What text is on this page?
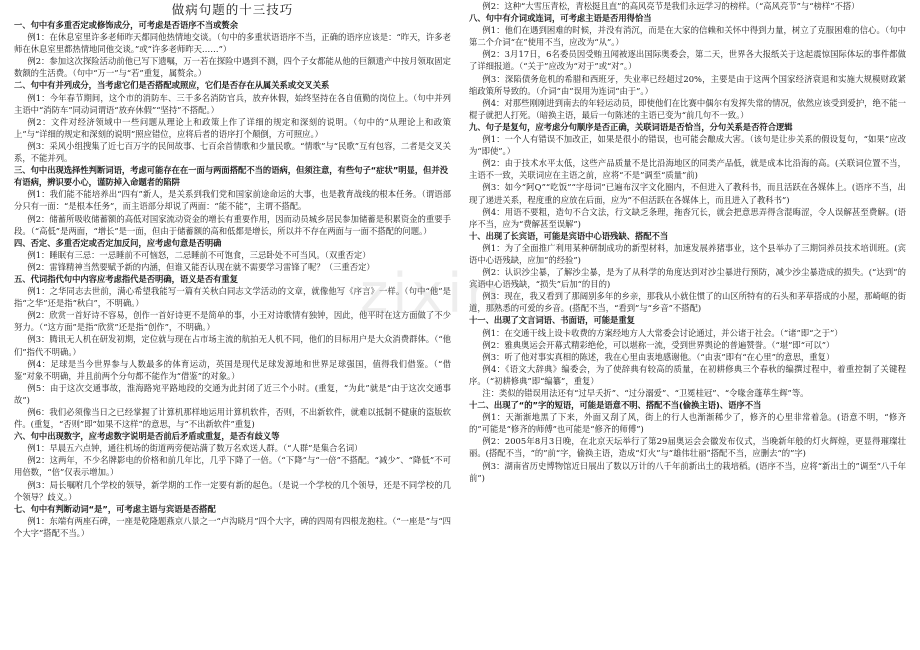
做病句题的十三技巧

一、句中有多重否定或修饰成分，可考虑是否语序不当或赘余

例1：在休息室里许多老师昨天都同他热情地交谈。（句中的多重状语语序不当，正确的语序应该是：“昨天，许多老师在休息室里都热情地同他交谈。”或“许多老师昨天……”）

例2：参加这次探险活动前他已写下遗嘱，万一若在探险中遇到不测，四个子女都能从他的巨额遗产中按月领取固定数额的生活费。（句中“万一”与“若”重复，属赘余。）

二、句中有并列成分，当考虑它们是否搭配或照应，它们是否存在从属关系或交叉关系

例1：今年春节期间，这个市的消防车、三千多名消防官兵，放弃休假，始终坚持在各自值勤的岗位上。（句中并列主语中“消防车”同动词谓语“放弃休假”“坚持”不搭配。）

例2：文件对经济领域中一些问题从理论上和政策上作了详细的规定和深刻的说明。（句中的“从理论上和政策上”与“详细的规定和深刻的说明”照应错位，应将后者的语序打个颠倒，方可照应。）

例3：采风小组搜集了近七百万字的民间故事、七百余首情歌和少量民歌。“情歌”与“民歌”互有包容，二者是交叉关系，不能并列。

三、句中出现选择性判断词语，考虑可能存在在一面与两面搭配不当的语病，但须注意，有些句子“症状”明显，但并没有语病，辨识要小心，谨防掉入命题者的陷阱

例1：我们能不能培养出“四有”新人，是关系到我们党和国家前途命运的大事，也是教育战线的根本任务。（谓语部分只有一面：“是根本任务”，而主语部分却说了两面：“能不能”，主谓不搭配。

例2：储蓄所吸收储蓄额的高低对国家流动资金的增长有重要作用，因而动员城乡居民参加储蓄是积累资金的重要手段。（“高低”是两面，“增长”是一面，但由于储蓄额的高和低都是增长，所以并不存在两面与一面不搭配的问题。）

四、否定、多重否定或否定加反问，应考虑句意是否明确

例1：睡眠有三忌：一忌睡前不可恼怒，二忌睡前不可饱食，三忌卧处不可当风。（双重否定）

例2：雷锋精神当然要赋予新的内涵，但谁又能否认现在就不需要学习雷锋了呢？（三重否定）

五、代词指代句中内容应考虑指代是否明确，语义是否有重复

例1：之华同志去世前，满心希望我能写一篇有关秋白同志文学活动的文章，就像他写《序言》一样。（句中“他”是指“之华”还是指“秋白”，不明确。）

例2：欣赏一首好诗不容易，创作一首好诗更不是简单的事，小王对诗歌情有独钟，因此，他平时在这方面做了不少努力。（“这方面”是指“欣赏”还是指“创作”，不明确。）

例3：腾讯无人机在研发初期，定位就与现在占市场主流的航拍无人机不同，他们的目标用户是大众消费群体。（“他们”指代不明确。）

例4：足球是当今世界参与人数最多的体育运动，英国是现代足球发源地和世界足球强国，值得我们借鉴。（“借鉴”对象不明确，并且前两个分句都不能作为“借鉴”的对象。）

例5：由于这次交通事故，淮海路宛平路地段的交通为此封闭了近三个小时。(重复，“为此”就是“由于这次交通事故”)

例6：我们必须像当日之已经掌握了计算机那样地运用计算机软件，否则，不出新软件，就难以抵制不健康的盗版软件。(重复，“否则”即“如果不这样”的意思，与“不出新软件”重复)

六、句中出现数字，应考虑数字说明是否前后矛盾或重复，是否有歧义等

例1：早晨五六点钟，通往机场的街道两旁便站满了数万名欢送人群。（“人群”是集合名词）

例2：这两年，不少名牌影电的价格和前几年比，几乎下降了一倍。（“下降”与“一倍”不搭配。“减少”、“降低”不可用倍数，“倍”仅表示增加。）

例3：局长嘱咐几个学校的领导，新学期的工作一定要有新的起色。（是说一个学校的几个领导，还是不同学校的几个领导？歧义。）

七、句中有判断动词“是”，可考虑主语与宾语是否搭配

例1：东端有两座石碑，一座是乾隆题燕京八景之一“卢沟晓月”四个大字，碑的四周有四根龙抱柱。（“一座是”与“四个大字”搭配不当。）

例2：这种“大雪压青松，青松挺且直”的高风亮节是我们永远学习的榜样。（“高风亮节”与“榜样”不搭）

八、句中有介词或连词，可考虑主语是否用得恰当

例1：他们在遇到困难的时候，并没有消沉，而是在大家的信赖和关怀中得到力量，树立了克服困难的信心。（句中第二个介词“在”使用不当，应改为“从”。）

例2：3月17日，6名委员因受贿丑闻被逐出国际奥委会，第二天，世界各大报纸关于这起震惊国际体坛的事件都做了详细报道。（“关于”应改为“对于”或“对”。）

例3：深陷债务危机的希腊和西班牙，失业率已经超过20%，主要是由于这两个国家经济衰退和实施大规模财政紧缩政策所导致的。（介词“由”误用为连词“由于”。）

例4：对那些刚刚进到南去的年轻运动员，即使他们在比赛中偶尔有发挥失常的情况，依然应该受到爱护，绝不能一棍子就把人打死。（暗换主语，最后一句陈述的主语已变为“前几句不一致。）

九、句子是复句，应考虑分句顺序是否正确，关联词语是否恰当，分句关系是否符合逻辑

例1：一个人有错误不加改正，如果是很小的错误，也可能会酿成大害。（该句是让步关系的假设复句，“如果”应改为“即使”。）

例2：由于技术水平太低，这些产品质量不是比沿海地区的同类产品低，就是成本比沿海的高。(关联词位置不当，主语不一致，关联词应在主语之前，应将“不是”调至“质量”前)

例3：如今“阿Q”“吃饭”“字母词”已遍布汉字文化圈内，不但进入了教科书，而且活跃在各媒体上。(语序不当，出现了递进关系，程度重的应放在后面，应为“不但活跃在各媒体上，而且进入了教科书”)

例4：用语不要粗，造句不合文法，行文缺乏条理，拖沓冗长，就会把意思弄得含混晦涩，令人误解甚至费解。(语序不当，应为“费解甚至误解”)

十、出现了长宾语，可能是宾语中心语残缺、搭配不当

例1：为了全面推广利用某种研制成功的新型材料，加速发展养猪事业，这个县举办了三期饲养员技术培训班。(宾语中心语残缺，应加“的经验”)

例2：认识沙尘暴，了解沙尘暴，是为了从科学的角度达到对沙尘暴进行预防，减少沙尘暴造成的损失。(“达到”的宾语中心语残缺，“损失”后加“的目的)

例3：现在，我又看到了那阔别多年的乡亲，那我从小就住惯了的山区所特有的石头和茅草搭成的小屋，那崎岖的街道，那熟悉的可爱的乡音。(搭配不当，“看到”与“乡音”不搭配)

十一、出现了文言词语、书面语，可能是重复

例1：在交通干线上设卡收费的方案经地方人大常委会讨论通过，并公诸于社会。（“诸”即“之于”）

例2：雅典奥运会开幕式精彩绝伦，可以堪称一流，受到世界舆论的普遍赞誉。（“堪”即“可以”）

例3：听了他对事实真相的陈述，我在心里由衷地感谢他。（“由衷”即有“在心里”的意思，重复）

例4：《语文大辞典》编委会，为了使辞典有较高的质量，在初耕修典三个春秋的编撰过程中，着重控制了关键程序。（“初耕修典”即“编纂”，重复）

注：类似的错误用法还有“过早夭折”、“过分溺爱”、“卫冕桂冠”、“令喙舍蓬荜生辉”等。

十二、出现了“的”字的短语，可能是语意不明、搭配不当(偷换主语)、语序不当

例1：天渐渐地黑了下来，外面又刮了风，街上的行人也渐渐稀少了，修齐的心里非常着急。(语意不明，“修齐的”可能是“修齐的师傅”也可能是“修齐的师傅”)

例2：2005年8月3日晚，在北京天坛举行了第29届奥运会会徽发布仪式，当晚新年般的灯火辉煌，更显得璀璨壮丽。(搭配不当，“的”前“字，偷换主语，造成“灯火”与“雄伟壮丽”搭配不当，应删去“的”字)

例3：湖南省历史博物馆近日展出了数以万计的八千年前新出土的栽培稻。(语序不当，应将“新出土的”调至“八千年前”)

zixin
